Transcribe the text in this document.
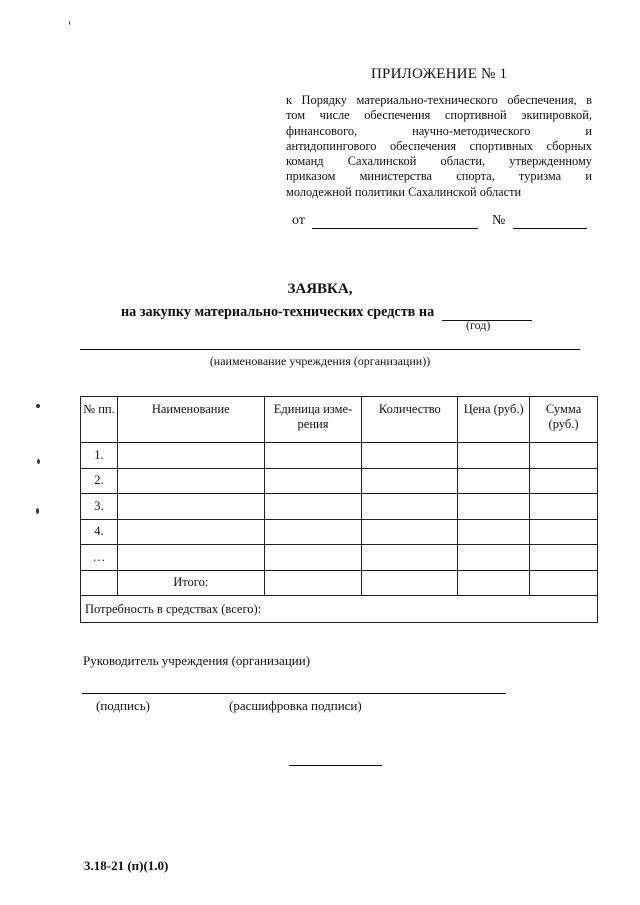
ПРИЛОЖЕНИЕ № 1
к Порядку материально-технического обеспечения, в
том числе обеспечения спортивной экипировкой,
финансового, научно-методического и
антидопингового обеспечения спортивных сборных
команд Сахалинской области, утвержденному
приказом министерства спорта, туризма и
молодежной политики Сахалинской области
от	№
ЗАЯВКА,
на закупку материально-технических средств на
(год)
(наименование учреждения (организации))
№ пп.	Наименование	Единица изме-рения	Количество	Цена (руб.)	Сумма (руб.)
1.					
2.					
3.					
4.					
…					
	Итого:				
Потребность в средствах (всего):					
Руководитель учреждения (организации)
(подпись)	(расшифровка подписи)
3.18-21 (п)(1.0)
